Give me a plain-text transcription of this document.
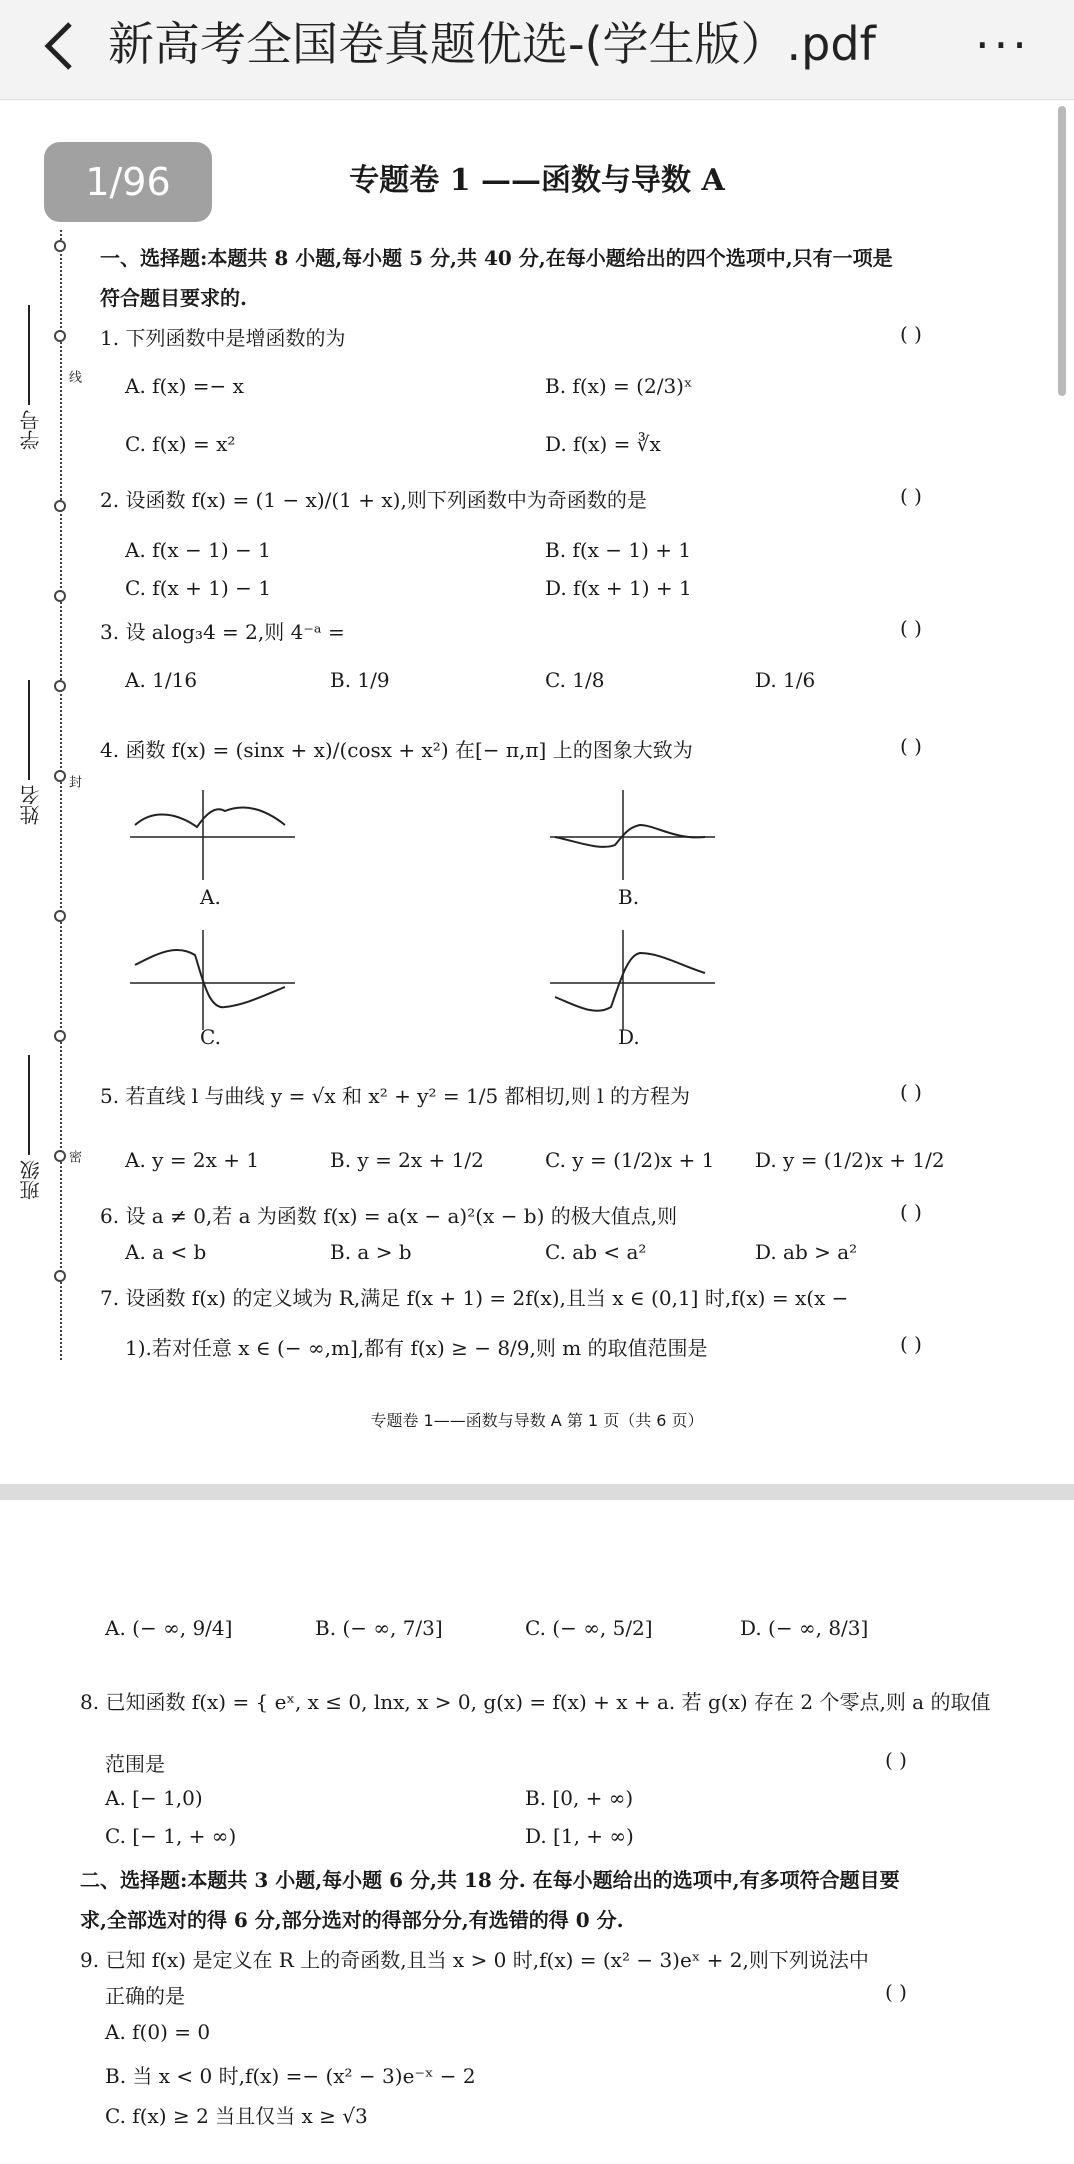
新高考全国卷真题优选-(学生版）.pdf ···
学号
姓名
班级
线
封
密
专题卷 1 ——函数与导数 A
1/96
一、选择题:本题共 8 小题,每小题 5 分,共 40 分,在每小题给出的四个选项中,只有一项是
符合题目要求的.
1. 下列函数中是增函数的为	( )
A. f(x) =− x	B. f(x) = (2/3)ˣ
C. f(x) = x²	D. f(x) = ∛x
2. 设函数 f(x) = (1 − x)/(1 + x),则下列函数中为奇函数的是	( )
A. f(x − 1) − 1	B. f(x − 1) + 1
C. f(x + 1) − 1	D. f(x + 1) + 1
3. 设 alog₃4 = 2,则 4⁻ᵃ =	( )
A. 1/16	B. 1/9	C. 1/8	D. 1/6
4. 函数 f(x) = (sinx + x)/(cosx + x²) 在[− π,π] 上的图象大致为	( )
A.	B.
C.	D.
5. 若直线 l 与曲线 y = √x 和 x² + y² = 1/5 都相切,则 l 的方程为	( )
A. y = 2x + 1	B. y = 2x + 1/2	C. y = (1/2)x + 1 D. y = (1/2)x + 1/2
6. 设 a ≠ 0,若 a 为函数 f(x) = a(x − a)²(x − b) 的极大值点,则	( )
A. a < b	B. a > b	C. ab < a²	D. ab > a²
7. 设函数 f(x) 的定义域为 R,满足 f(x + 1) = 2f(x),且当 x ∈ (0,1] 时,f(x) = x(x −
1).若对任意 x ∈ (− ∞,m],都有 f(x) ≥ − 8/9,则 m 的取值范围是	( )
专题卷 1——函数与导数 A 第 1 页（共 6 页）
A. (− ∞, 9/4]	B. (− ∞, 7/3]	C. (− ∞, 5/2]	D. (− ∞, 8/3]
8. 已知函数 f(x) = { eˣ, x ≤ 0, lnx, x > 0, g(x) = f(x) + x + a. 若 g(x) 存在 2 个零点,则 a 的取值
范围是	( )
A. [− 1,0)	B. [0, + ∞)
C. [− 1, + ∞)	D. [1, + ∞)
二、选择题:本题共 3 小题,每小题 6 分,共 18 分. 在每小题给出的选项中,有多项符合题目要
求,全部选对的得 6 分,部分选对的得部分分,有选错的得 0 分.
9. 已知 f(x) 是定义在 R 上的奇函数,且当 x > 0 时,f(x) = (x² − 3)eˣ + 2,则下列说法中
正确的是	( )
A. f(0) = 0
B. 当 x < 0 时,f(x) =− (x² − 3)e⁻ˣ − 2
C. f(x) ≥ 2 当且仅当 x ≥ √3
